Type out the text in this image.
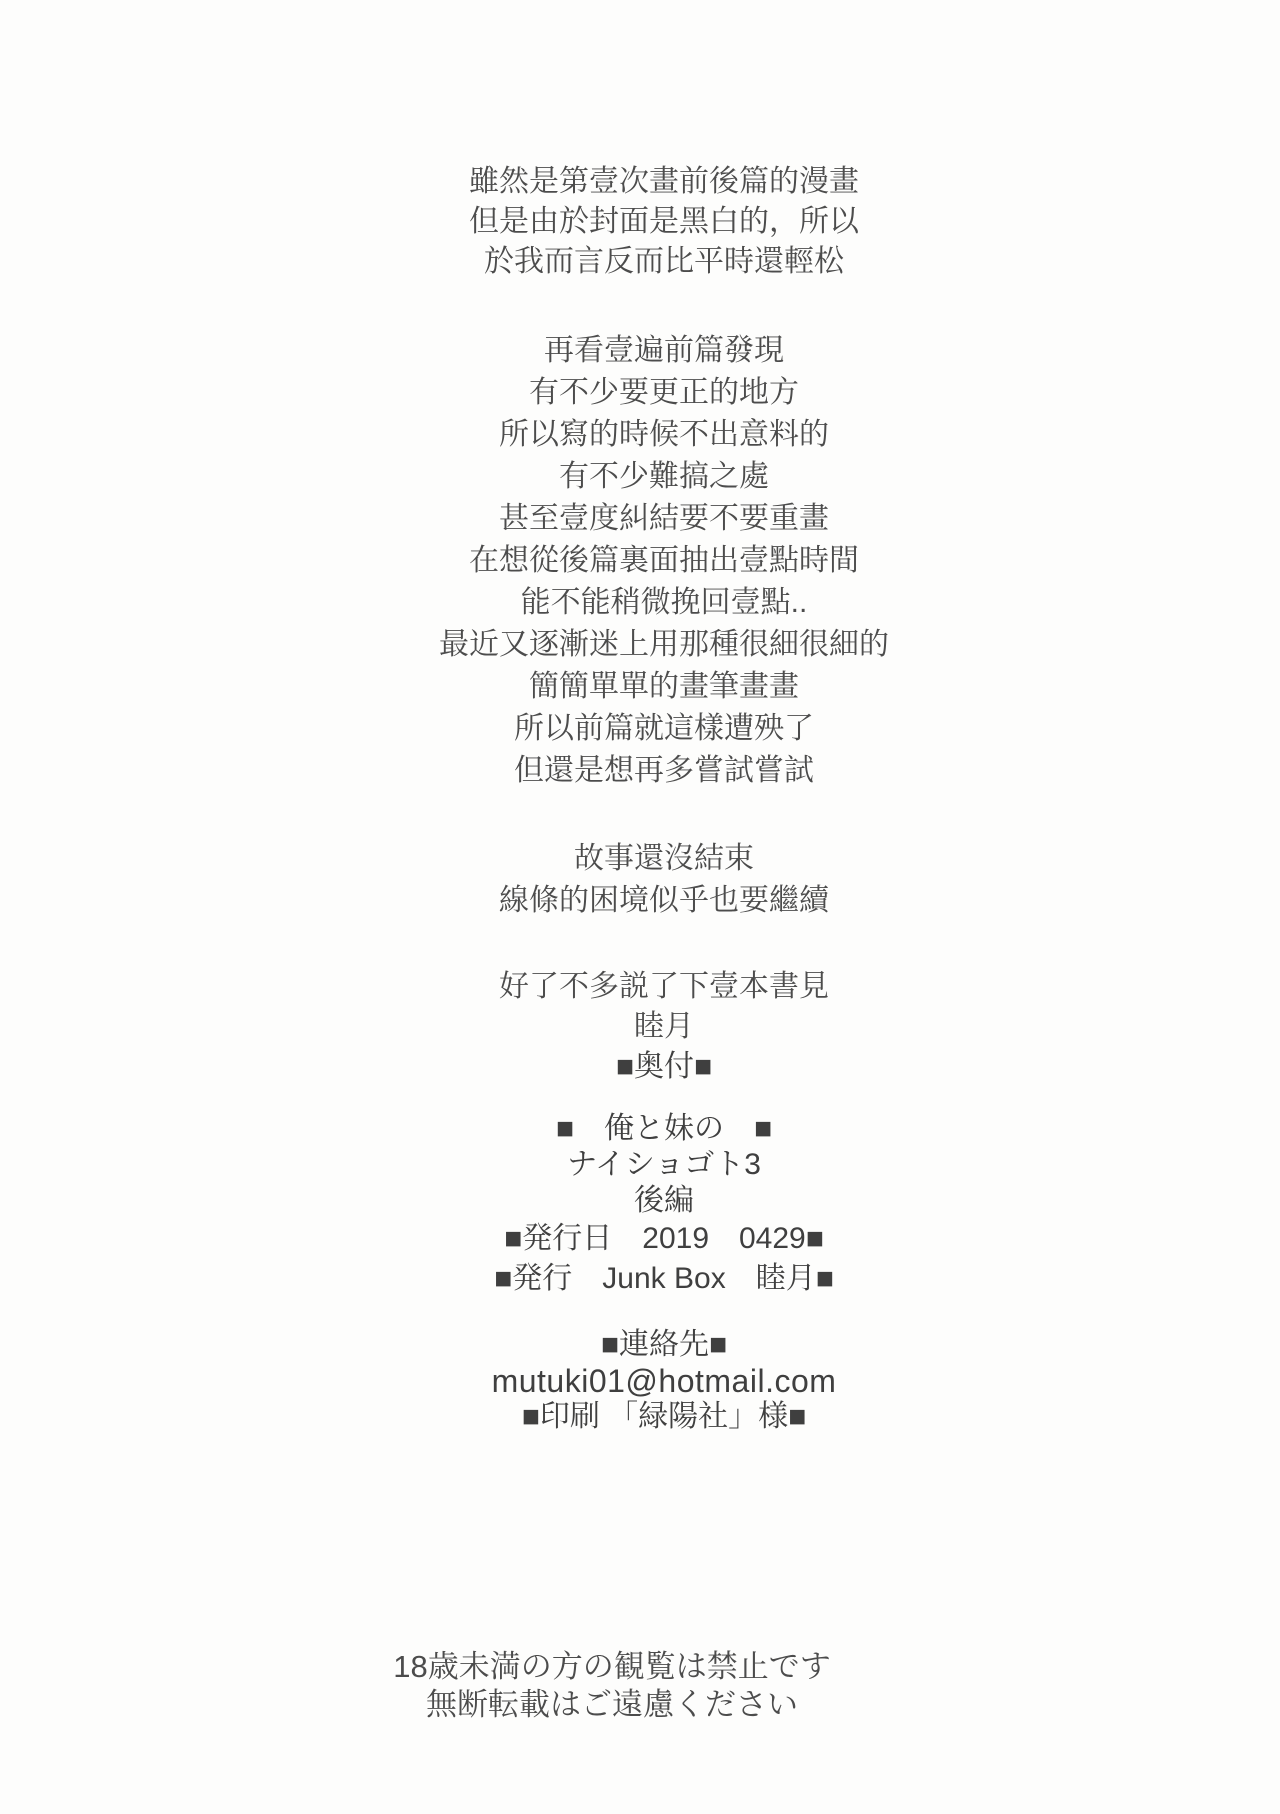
雖然是第壹次畫前後篇的漫畫

但是由於封面是黑白的，所以

於我而言反而比平時還輕松

再看壹遍前篇發現

有不少要更正的地方

所以寫的時候不出意料的

有不少難搞之處

甚至壹度糾結要不要重畫

在想從後篇裏面抽出壹點時間

能不能稍微挽回壹點..

最近又逐漸迷上用那種很細很細的

簡簡單單的畫筆畫畫

所以前篇就這樣遭殃了

但還是想再多嘗試嘗試

故事還沒結束

線條的困境似乎也要繼續

好了不多説了下壹本書見

睦月

■奥付■

■　俺と妹の　■

ナイショゴト3

後編

■発行日　2019　0429■

■発行　Junk Box　睦月■

■連絡先■

mutuki01@hotmail.com

■印刷 「緑陽社」様■

18歳未満の方の観覧は禁止です

無断転載はご遠慮ください
